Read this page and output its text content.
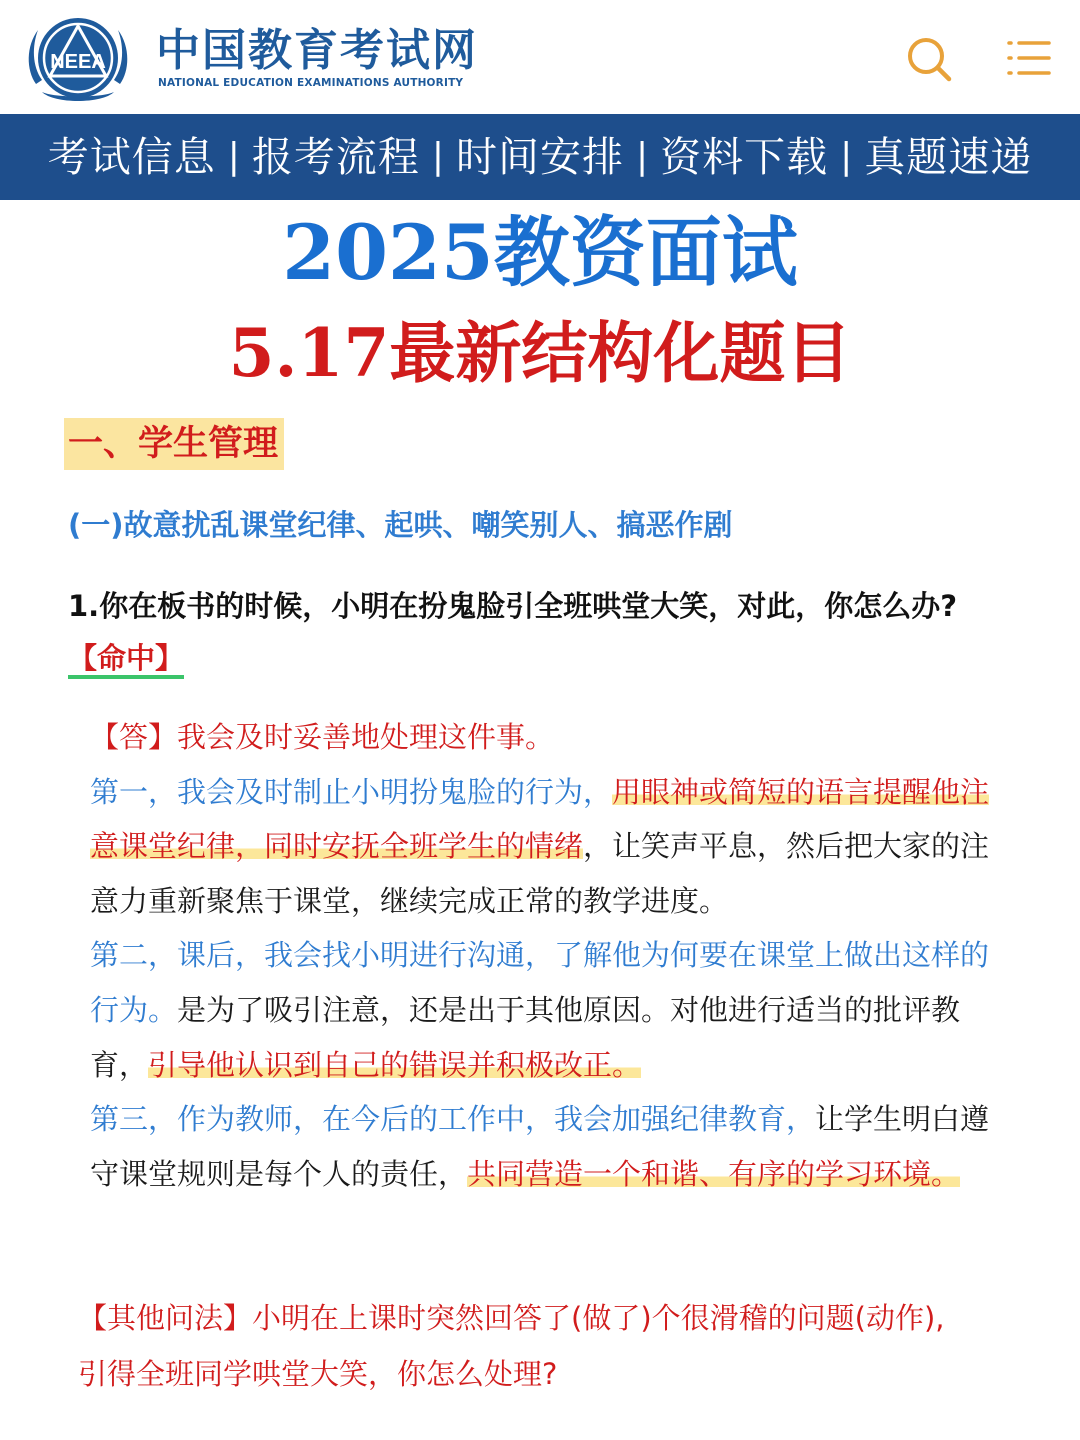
NEEA 中国教育考试网
NATIONAL EDUCATION EXAMINATIONS AUTHORITY
考试信息 | 报考流程 | 时间安排 | 资料下载 | 真题速递
2025教资面试
5.17最新结构化题目
一、学生管理
(一)故意扰乱课堂纪律、起哄、嘲笑别人、搞恶作剧
1.你在板书的时候，小明在扮鬼脸引全班哄堂大笑，对此，你怎么办?【命中】

【答】我会及时妥善地处理这件事。

第一，我会及时制止小明扮鬼脸的行为，用眼神或简短的语言提醒他注意课堂纪律，同时安抚全班学生的情绪，让笑声平息，然后把大家的注意力重新聚焦于课堂，继续完成正常的教学进度。

第二，课后，我会找小明进行沟通，了解他为何要在课堂上做出这样的行为。是为了吸引注意，还是出于其他原因。对他进行适当的批评教育，引导他认识到自己的错误并积极改正。

第三，作为教师，在今后的工作中，我会加强纪律教育，让学生明白遵守课堂规则是每个人的责任，共同营造一个和谐、有序的学习环境。

【其他问法】小明在上课时突然回答了(做了)个很滑稽的问题(动作),引得全班同学哄堂大笑，你怎么处理?
